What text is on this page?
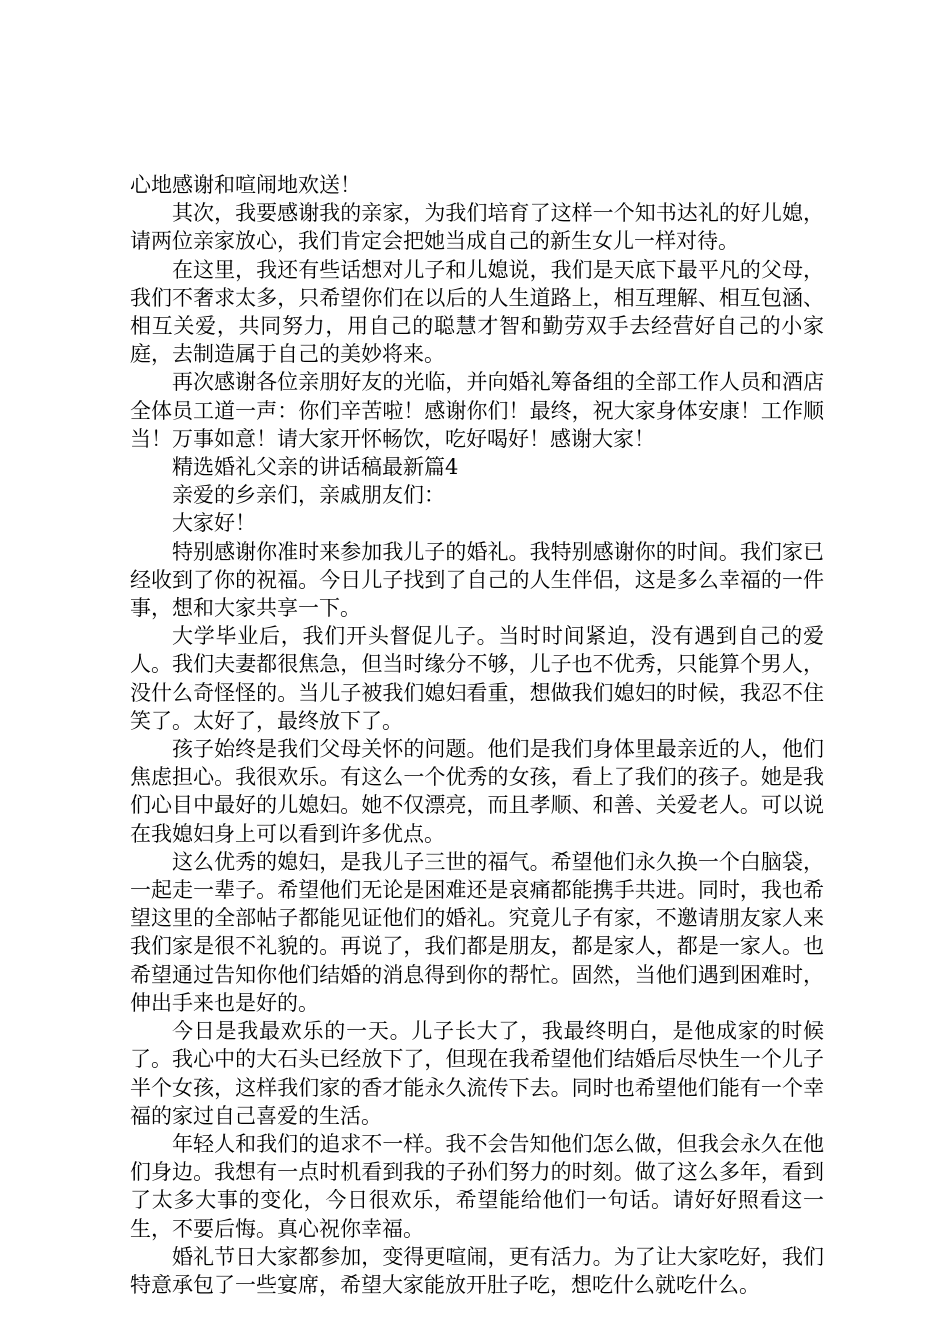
心地感谢和喧闹地欢送！

其次，我要感谢我的亲家，为我们培育了这样一个知书达礼的好儿媳，请两位亲家放心，我们肯定会把她当成自己的新生女儿一样对待。

在这里，我还有些话想对儿子和儿媳说，我们是天底下最平凡的父母，我们不奢求太多，只希望你们在以后的人生道路上，相互理解、相互包涵、相互关爱，共同努力，用自己的聪慧才智和勤劳双手去经营好自己的小家庭，去制造属于自己的美妙将来。

再次感谢各位亲朋好友的光临，并向婚礼筹备组的全部工作人员和酒店全体员工道一声：你们辛苦啦！感谢你们！最终，祝大家身体安康！工作顺当！万事如意！请大家开怀畅饮，吃好喝好！感谢大家！

精选婚礼父亲的讲话稿最新篇4

亲爱的乡亲们，亲戚朋友们：

大家好！

特别感谢你准时来参加我儿子的婚礼。我特别感谢你的时间。我们家已经收到了你的祝福。今日儿子找到了自己的人生伴侣，这是多么幸福的一件事，想和大家共享一下。

大学毕业后，我们开头督促儿子。当时时间紧迫，没有遇到自己的爱人。我们夫妻都很焦急，但当时缘分不够，儿子也不优秀，只能算个男人，没什么奇怪怪的。当儿子被我们媳妇看重，想做我们媳妇的时候，我忍不住笑了。太好了，最终放下了。

孩子始终是我们父母关怀的问题。他们是我们身体里最亲近的人，他们焦虑担心。我很欢乐。有这么一个优秀的女孩，看上了我们的孩子。她是我们心目中最好的儿媳妇。她不仅漂亮，而且孝顺、和善、关爱老人。可以说在我媳妇身上可以看到许多优点。

这么优秀的媳妇，是我儿子三世的福气。希望他们永久换一个白脑袋，一起走一辈子。希望他们无论是困难还是哀痛都能携手共进。同时，我也希望这里的全部帖子都能见证他们的婚礼。究竟儿子有家，不邀请朋友家人来我们家是很不礼貌的。再说了，我们都是朋友，都是家人，都是一家人。也希望通过告知你他们结婚的消息得到你的帮忙。固然，当他们遇到困难时，伸出手来也是好的。

今日是我最欢乐的一天。儿子长大了，我最终明白，是他成家的时候了。我心中的大石头已经放下了，但现在我希望他们结婚后尽快生一个儿子半个女孩，这样我们家的香才能永久流传下去。同时也希望他们能有一个幸福的家过自己喜爱的生活。

年轻人和我们的追求不一样。我不会告知他们怎么做，但我会永久在他们身边。我想有一点时机看到我的子孙们努力的时刻。做了这么多年，看到了太多大事的变化，今日很欢乐，希望能给他们一句话。请好好照看这一生，不要后悔。真心祝你幸福。

婚礼节日大家都参加，变得更喧闹，更有活力。为了让大家吃好，我们特意承包了一些宴席，希望大家能放开肚子吃，想吃什么就吃什么。
